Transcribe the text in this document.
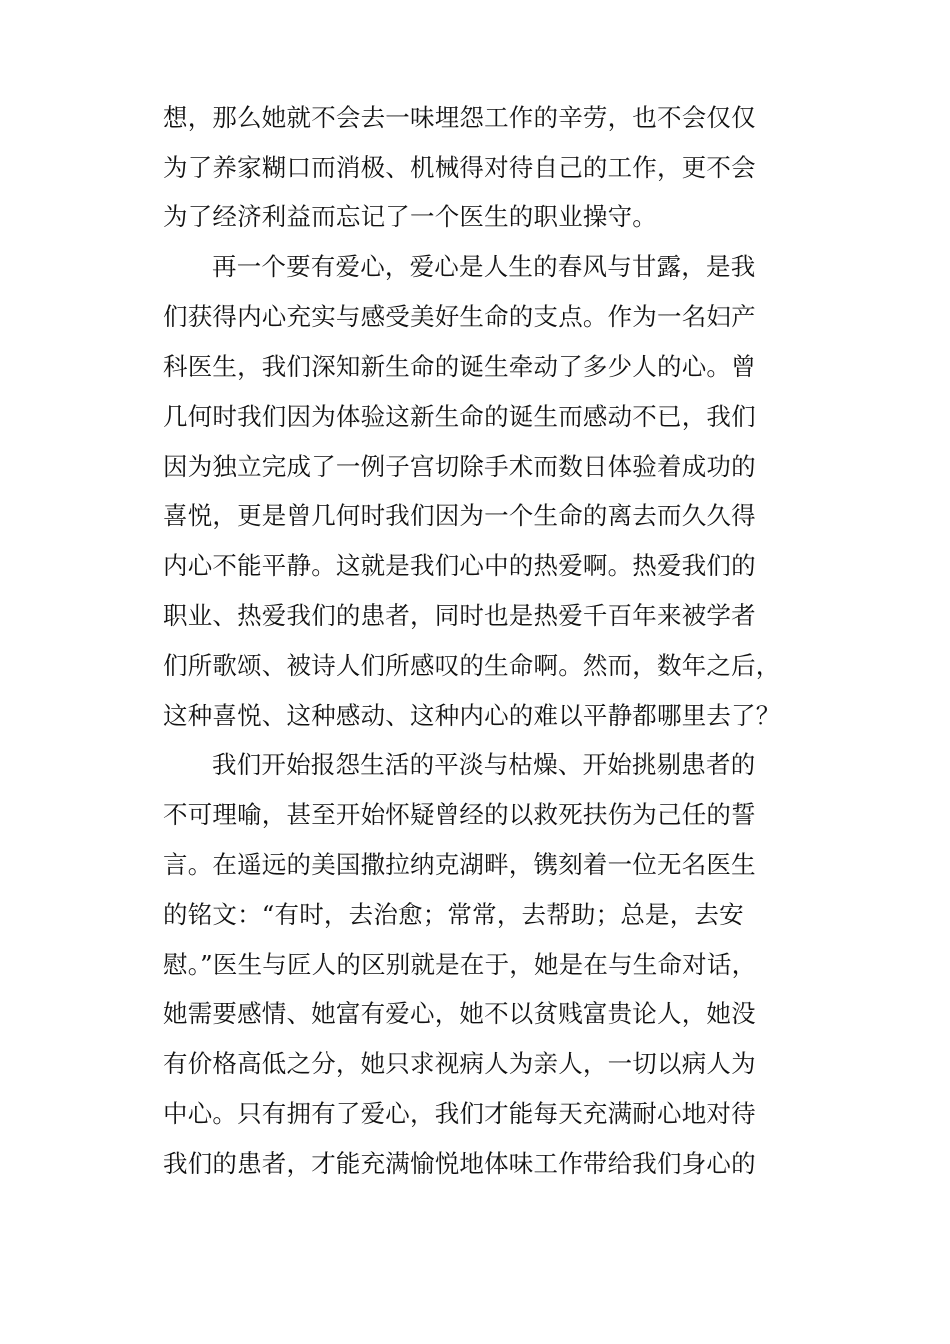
想，那么她就不会去一味埋怨工作的辛劳，也不会仅仅
为了养家糊口而消极、机械得对待自己的工作，更不会
为了经济利益而忘记了一个医生的职业操守。
再一个要有爱心，爱心是人生的春风与甘露，是我
们获得内心充实与感受美好生命的支点。作为一名妇产
科医生，我们深知新生命的诞生牵动了多少人的心。曾
几何时我们因为体验这新生命的诞生而感动不已，我们
因为独立完成了一例子宫切除手术而数日体验着成功的
喜悦，更是曾几何时我们因为一个生命的离去而久久得
内心不能平静。这就是我们心中的热爱啊。热爱我们的
职业、热爱我们的患者，同时也是热爱千百年来被学者
们所歌颂、被诗人们所感叹的生命啊。然而，数年之后，
这种喜悦、这种感动、这种内心的难以平静都哪里去了？
我们开始报怨生活的平淡与枯燥、开始挑剔患者的
不可理喻，甚至开始怀疑曾经的以救死扶伤为己任的誓
言。在遥远的美国撒拉纳克湖畔，镌刻着一位无名医生
的铭文：“有时，去治愈；常常，去帮助；总是，去安
慰。”医生与匠人的区别就是在于，她是在与生命对话，
她需要感情、她富有爱心，她不以贫贱富贵论人，她没
有价格高低之分，她只求视病人为亲人，一切以病人为
中心。只有拥有了爱心，我们才能每天充满耐心地对待
我们的患者，才能充满愉悦地体味工作带给我们身心的
